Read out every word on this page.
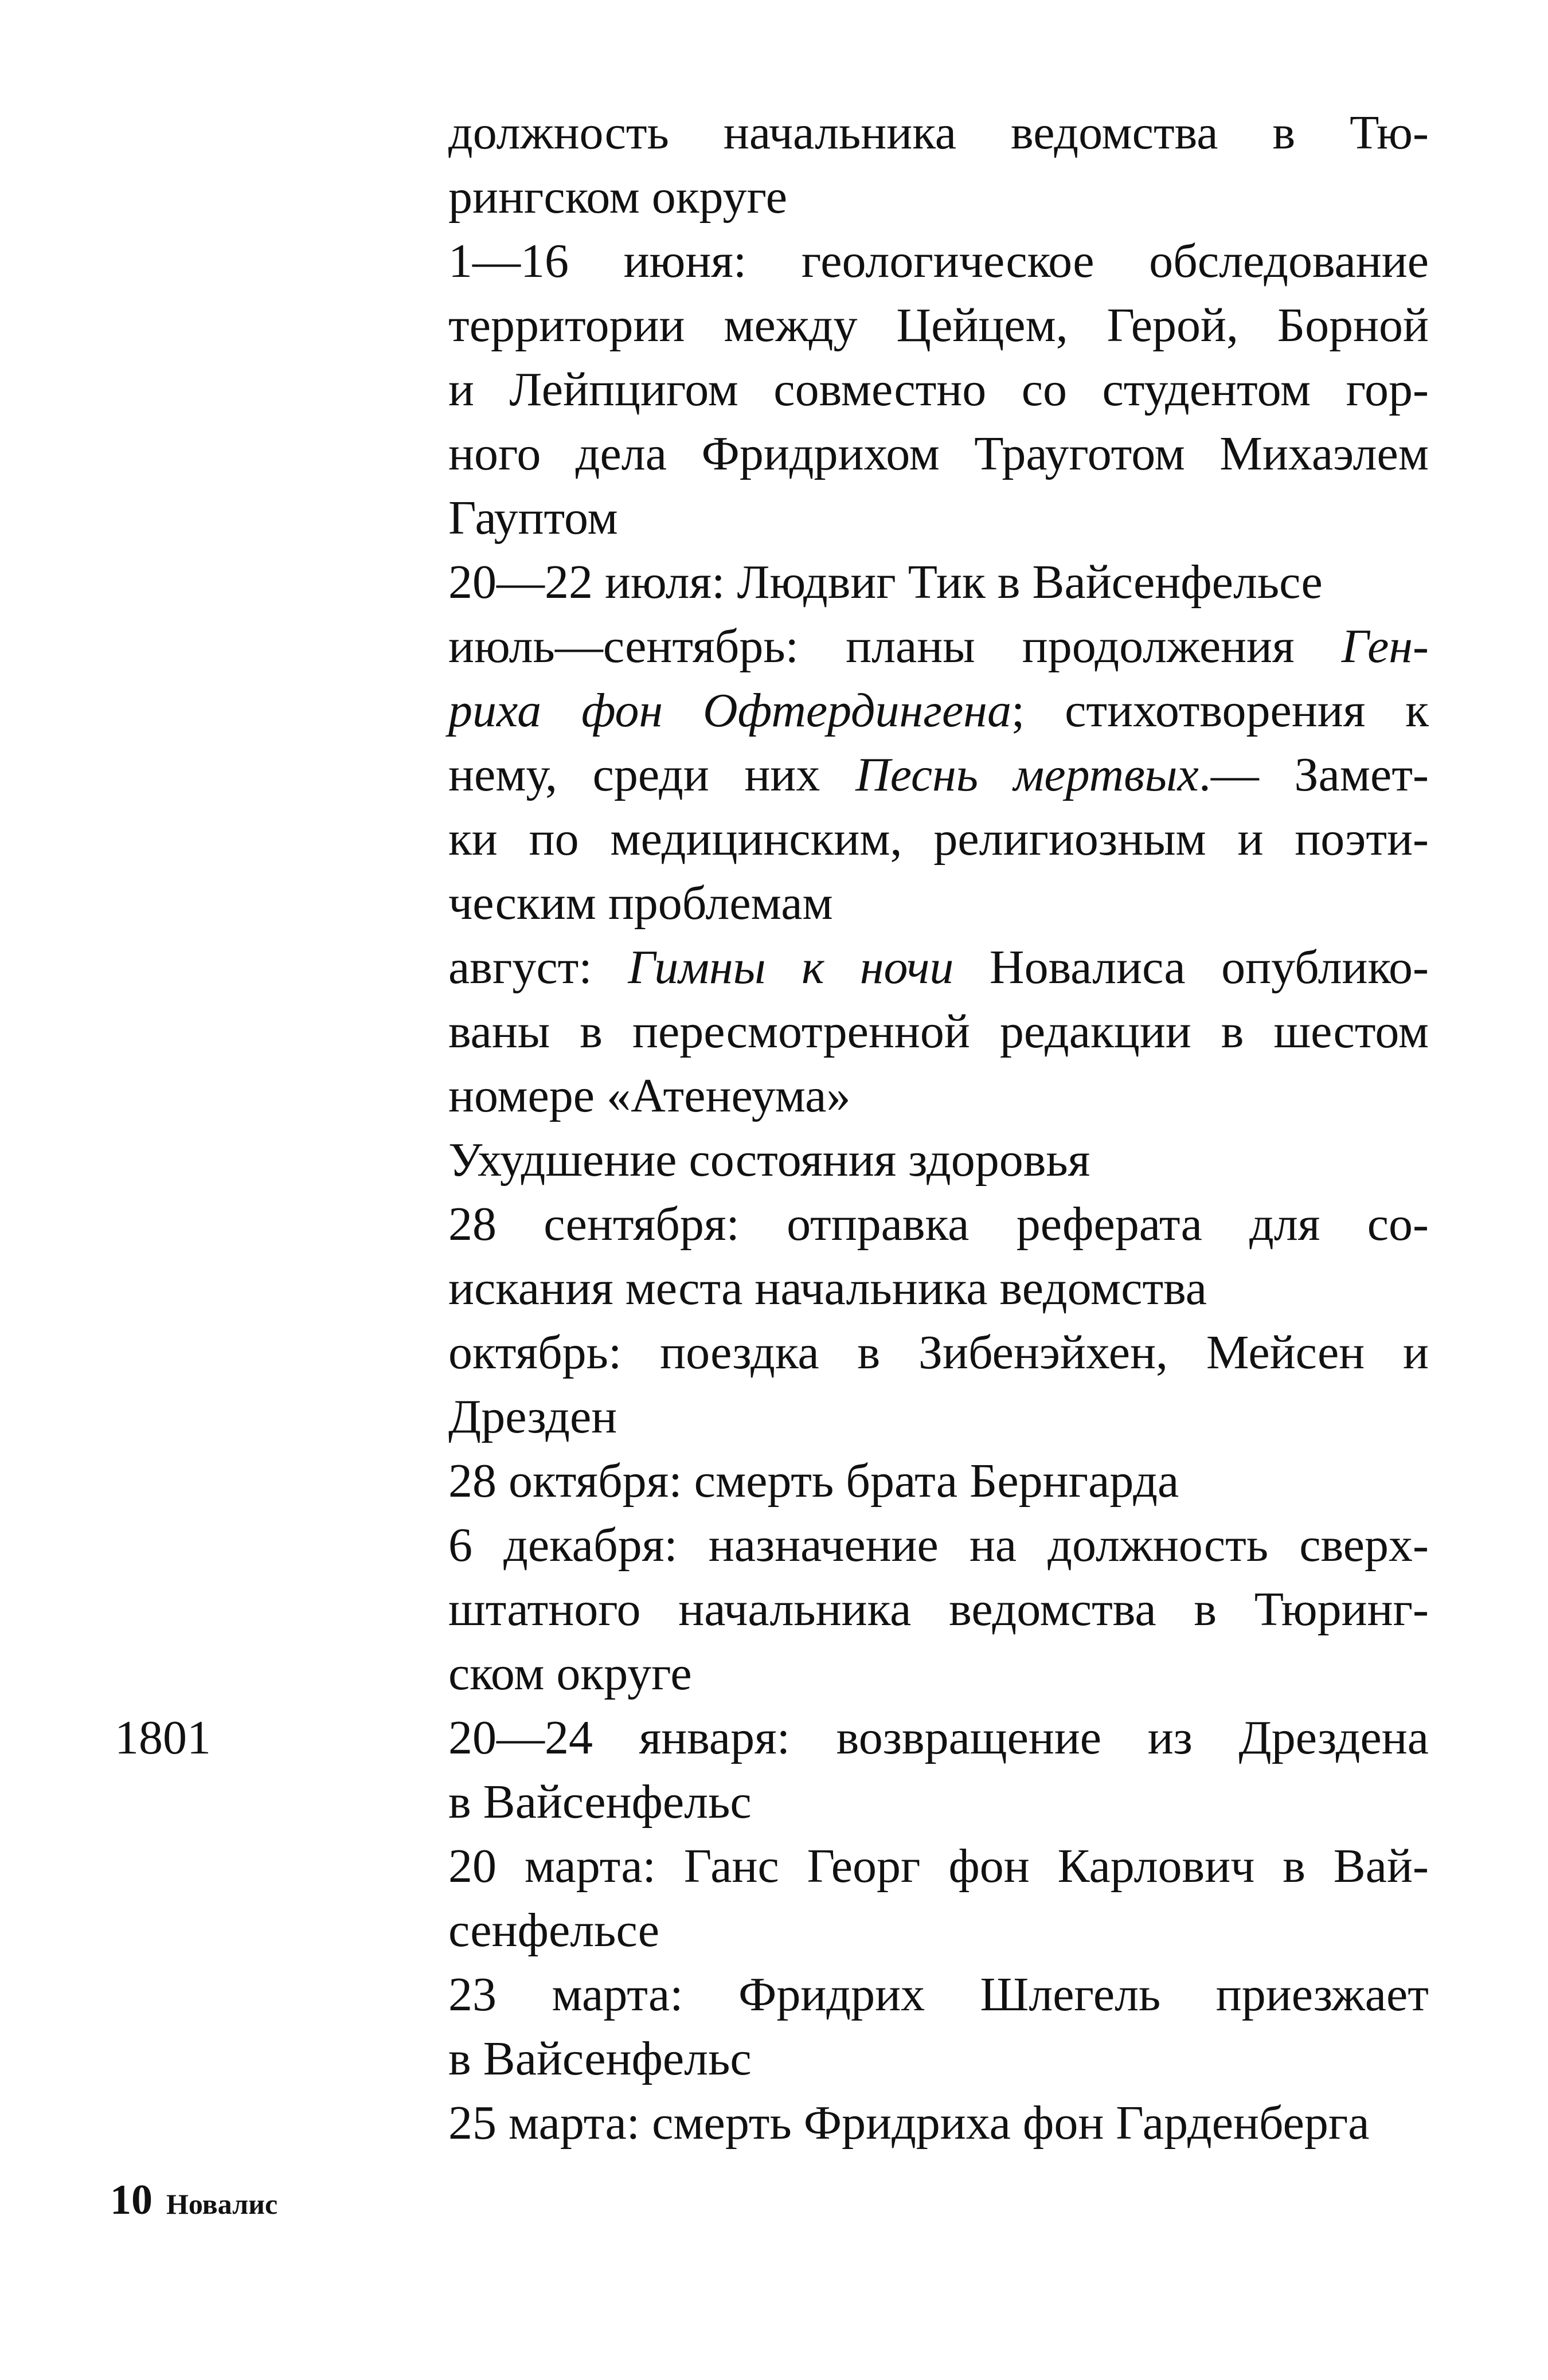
должность начальника ведомства в Тю-
рингском округе

1—16 июня: геологическое обследование
территории между Цейцем, Герой, Борной
и Лейпцигом совместно со студентом гор-
ного дела Фридрихом Трауготом Михаэлем
Гауптом

20—22 июля: Людвиг Тик в Вайсенфельсе

июль—сентябрь: планы продолжения Ген-
риха фон Офтердингена; стихотворения к
нему, среди них Песнь мертвых.— Замет-
ки по медицинским, религиозным и поэти-
ческим проблемам

август: Гимны к ночи Новалиса опублико-
ваны в пересмотренной редакции в шестом
номере «Атенеума»

Ухудшение состояния здоровья

28 сентября: отправка реферата для со-
искания места начальника ведомства

октябрь: поездка в Зибенэйхен, Мейсен и
Дрезден

28 октября: смерть брата Бернгарда

6 декабря: назначение на должность сверх-
штатного начальника ведомства в Тюринг-
ском округе

20—24 января: возвращение из Дрездена
в Вайсенфельс

20 марта: Ганс Георг фон Карлович в Вай-
сенфельсе

23 марта: Фридрих Шлегель приезжает
в Вайсенфельс

25 марта: смерть Фридриха фон Гарденберга

10 Новалис
1801
